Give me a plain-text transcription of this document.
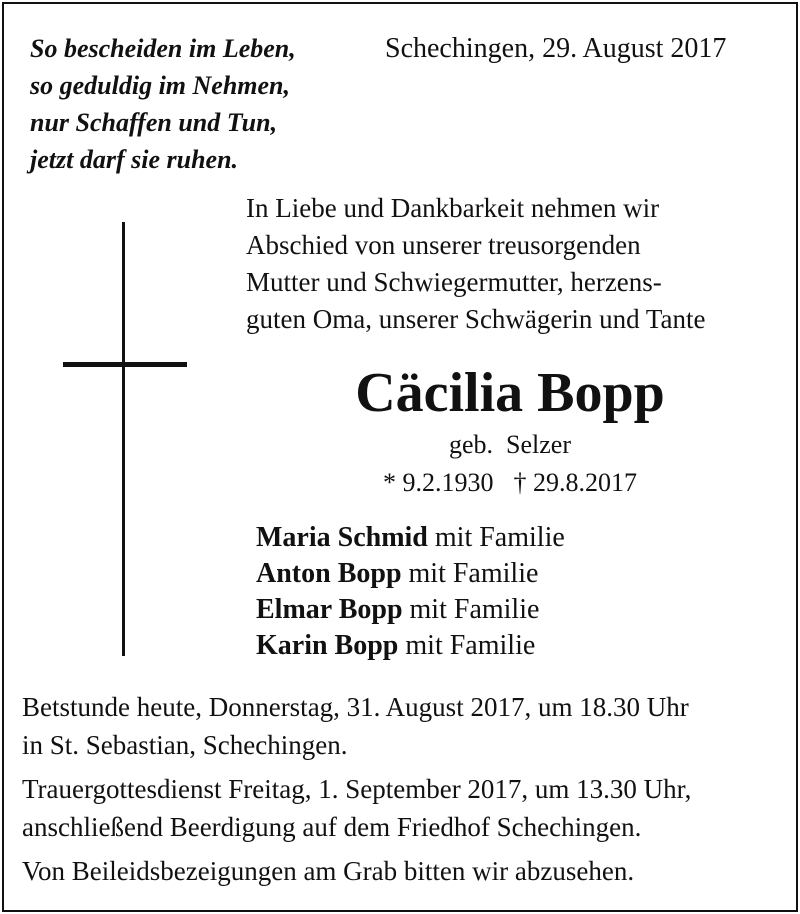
So bescheiden im Leben,
so geduldig im Nehmen,
nur Schaffen und Tun,
jetzt darf sie ruhen.
Schechingen, 29. August 2017
In Liebe und Dankbarkeit nehmen wir
Abschied von unserer treusorgenden
Mutter und Schwiegermutter, herzens-
guten Oma, unserer Schwägerin und Tante
Cäcilia Bopp
geb.  Selzer
* 9.2.1930 † 29.8.2017
Maria Schmid mit Familie
Anton Bopp mit Familie
Elmar Bopp mit Familie
Karin Bopp mit Familie
Betstunde heute, Donnerstag, 31. August 2017, um 18.30 Uhr
in St. Sebastian, Schechingen.
Trauergottesdienst Freitag, 1. September 2017, um 13.30 Uhr,
anschließend Beerdigung auf dem Friedhof Schechingen.
Von Beileidsbezeigungen am Grab bitten wir abzusehen.
